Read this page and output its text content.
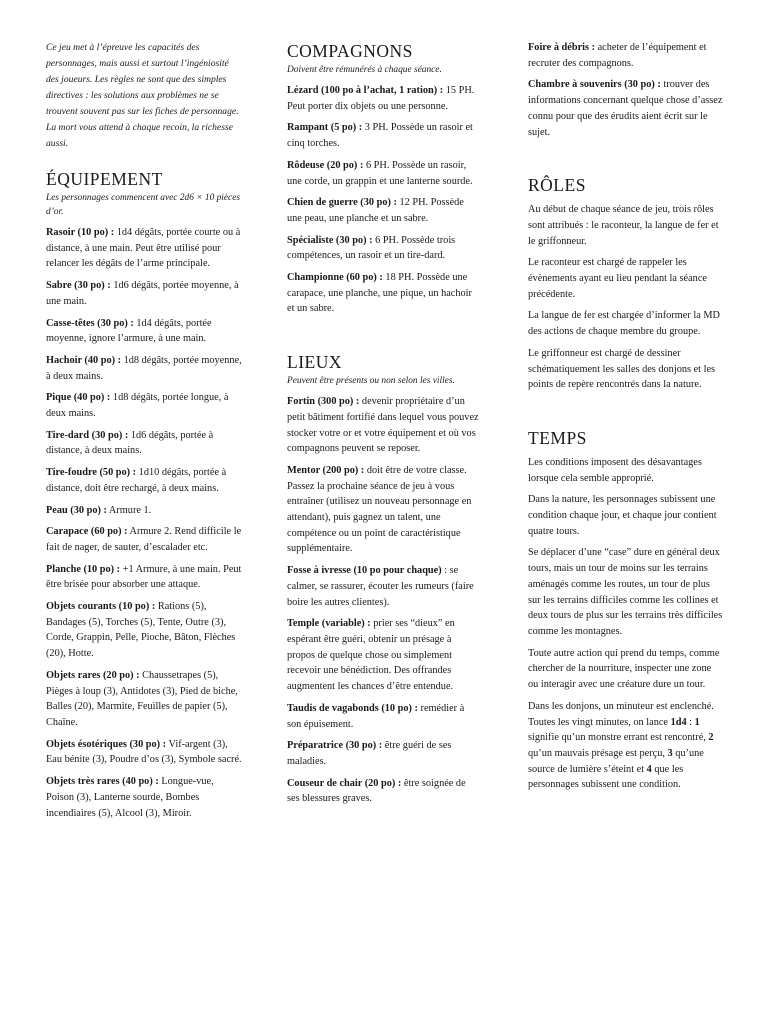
Ce jeu met à l’épreuve les capacités des personnages, mais aussi et surtout l’ingéniosité des joueurs. Les règles ne sont que des simples directives : les solutions aux problèmes ne se trouvent souvent pas sur les fiches de personnage. La mort vous attend à chaque recoin, la richesse aussi.

ÉQUIPEMENT

Les personnages commencent avec 2d6 × 10 pièces d’or.

Rasoir (10 po) : 1d4 dégâts, portée courte ou à distance, à une main. Peut être utilisé pour relancer les dégâts de l’arme principale.

Sabre (30 po) : 1d6 dégâts, portée moyenne, à une main.

Casse-têtes (30 po) : 1d4 dégâts, portée moyenne, ignore l’armure, à une main.

Hachoir (40 po) : 1d8 dégâts, portée moyenne, à deux mains.

Pique (40 po) : 1d8 dégâts, portée longue, à deux mains.

Tire-dard (30 po) : 1d6 dégâts, portée à distance, à deux mains.

Tire-foudre (50 po) : 1d10 dégâts, portée à distance, doit être rechargé, à deux mains.

Peau (30 po) : Armure 1.

Carapace (60 po) : Armure 2. Rend difficile le fait de nager, de sauter, d’escalader etc.

Planche (10 po) : +1 Armure, à une main. Peut être brisée pour absorber une attaque.

Objets courants (10 po) : Rations (5), Bandages (5), Torches (5), Tente, Outre (3), Corde, Grappin, Pelle, Pioche, Bâton, Flèches (20), Hotte.

Objets rares (20 po) : Chaussetrapes (5), Pièges à loup (3), Antidotes (3), Pied de biche, Balles (20), Marmite, Feuilles de papier (5), Chaîne.

Objets ésotériques (30 po) : Vif-argent (3), Eau bénite (3), Poudre d’os (3), Symbole sacré.

Objets très rares (40 po) : Longue-vue, Poison (3), Lanterne sourde, Bombes incendiaires (5), Alcool (3), Miroir.

COMPAGNONS

Doivent être rémunérés à chaque séance.

Lézard (100 po à l’achat, 1 ration) : 15 PH. Peut porter dix objets ou une personne.

Rampant (5 po) : 3 PH. Possède un rasoir et cinq torches.

Rôdeuse (20 po) : 6 PH. Possède un rasoir, une corde, un grappin et une lanterne sourde.

Chien de guerre (30 po) : 12 PH. Possède une peau, une planche et un sabre.

Spécialiste (30 po) : 6 PH. Possède trois compétences, un rasoir et un tire-dard.

Championne (60 po) : 18 PH. Possède une carapace, une planche, une pique, un hachoir et un sabre.

LIEUX

Peuvent être présents ou non selon les villes.

Fortin (300 po) : devenir propriétaire d’un petit bâtiment fortifié dans lequel vous pouvez stocker votre or et votre équipement et où vos compagnons peuvent se reposer.

Mentor (200 po) : doit être de votre classe. Passez la prochaine séance de jeu à vous entraîner (utilisez un nouveau personnage en attendant), puis gagnez un talent, une compétence ou un point de caractéristique supplémentaire.

Fosse à ivresse (10 po pour chaque) : se calmer, se rassurer, écouter les rumeurs (faire boire les autres clientes).

Temple (variable) : prier ses “dieux” en espérant être guéri, obtenir un présage à propos de quelque chose ou simplement recevoir une bénédiction. Des offrandes augmentent les chances d’être entendue.

Taudis de vagabonds (10 po) : remédier à son épuisement.

Préparatrice (30 po) : être guéri de ses maladies.

Couseur de chair (20 po) : être soignée de ses blessures graves.

Foire à débris : acheter de l’équipement et recruter des compagnons.

Chambre à souvenirs (30 po) : trouver des informations concernant quelque chose d’assez connu pour que des érudits aient écrit sur le sujet.

RÔLES

Au début de chaque séance de jeu, trois rôles sont attribués : le raconteur, la langue de fer et le griffonneur.

Le raconteur est chargé de rappeler les évènements ayant eu lieu pendant la séance précédente.

La langue de fer est chargée d’informer la MD des actions de chaque membre du groupe.

Le griffonneur est chargé de dessiner schématiquement les salles des donjons et les points de repère rencontrés dans la nature.

TEMPS

Les conditions imposent des désavantages lorsque cela semble approprié.

Dans la nature, les personnages subissent une condition chaque jour, et chaque jour contient quatre tours.

Se déplacer d’une “case” dure en général deux tours, mais un tour de moins sur les terrains aménagés comme les routes, un tour de plus sur les terrains difficiles comme les collines et deux tours de plus sur les terrains très difficiles comme les montagnes.

Toute autre action qui prend du temps, comme chercher de la nourriture, inspecter une zone ou interagir avec une créature dure un tour.

Dans les donjons, un minuteur est enclenché. Toutes les vingt minutes, on lance 1d4 : 1 signifie qu’un monstre errant est rencontré, 2 qu’un mauvais présage est perçu, 3 qu’une source de lumière s’éteint et 4 que les personnages subissent une condition.
